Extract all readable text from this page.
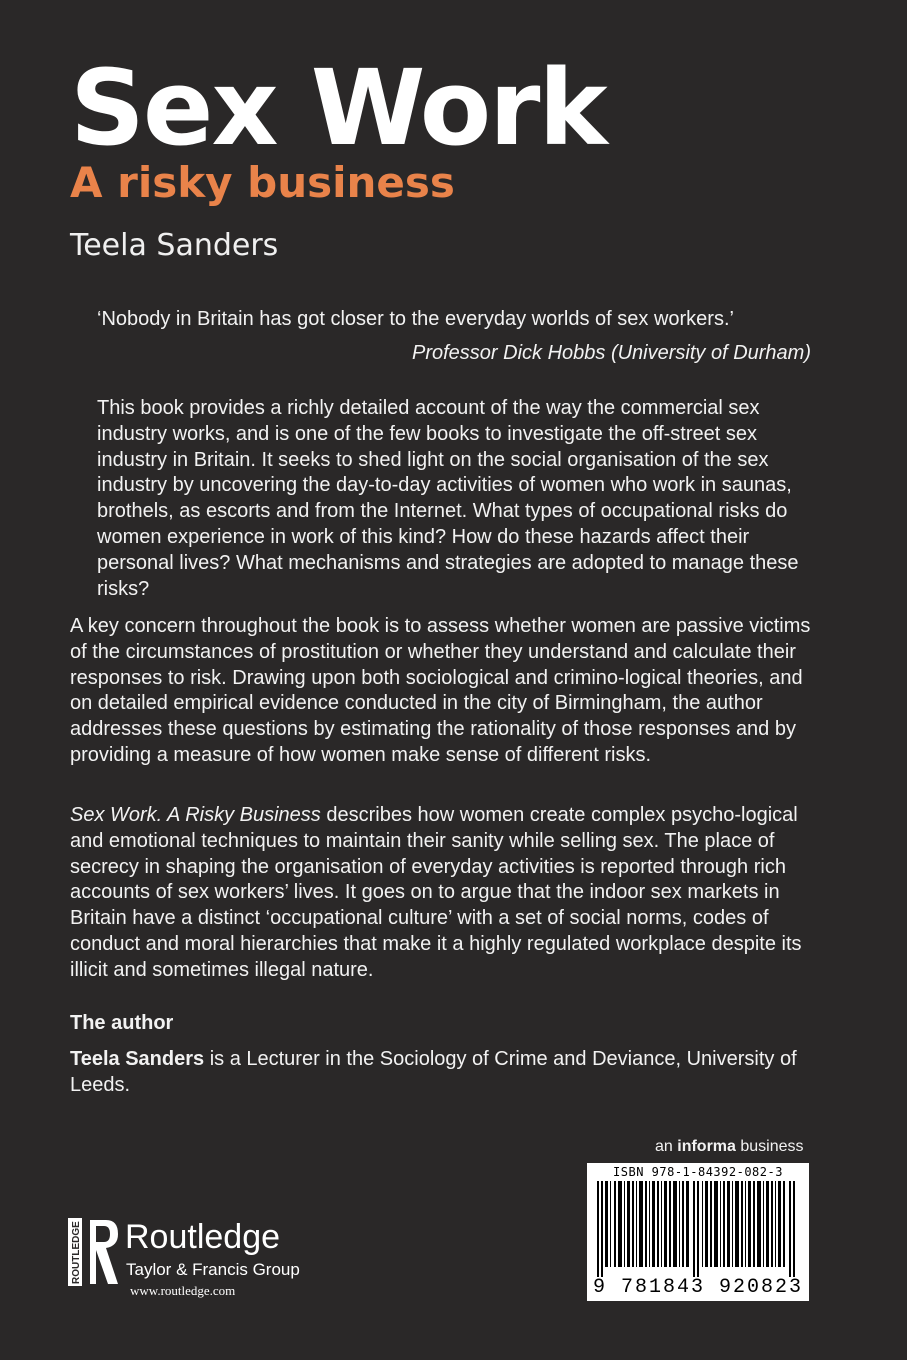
Sex Work
A risky business
Teela Sanders
‘Nobody in Britain has got closer to the everyday worlds of sex workers.’
Professor Dick Hobbs (University of Durham)
This book provides a richly detailed account of the way the commercial sex industry works, and is one of the few books to investigate the off-street sex industry in Britain. It seeks to shed light on the social organisation of the sex industry by uncovering the day-to-day activities of women who work in saunas, brothels, as escorts and from the Internet. What types of occupational risks do women experience in work of this kind? How do these hazards affect their personal lives? What mechanisms and strategies are adopted to manage these risks?
A key concern throughout the book is to assess whether women are passive victims of the circumstances of prostitution or whether they understand and calculate their responses to risk. Drawing upon both sociological and crimino-logical theories, and on detailed empirical evidence conducted in the city of Birmingham, the author addresses these questions by estimating the rationality of those responses and by providing a measure of how women make sense of different risks.
Sex Work. A Risky Business describes how women create complex psycho-logical and emotional techniques to maintain their sanity while selling sex. The place of secrecy in shaping the organisation of everyday activities is reported through rich accounts of sex workers’ lives. It goes on to argue that the indoor sex markets in Britain have a distinct ‘occupational culture’ with a set of social norms, codes of conduct and moral hierarchies that make it a highly regulated workplace despite its illicit and sometimes illegal nature.
The author
Teela Sanders is a Lecturer in the Sociology of Crime and Deviance, University of Leeds.
an informa business
ISBN 978-1-84392-082-3
9 781843 920823
ROUTLEDGE Routledge
Taylor & Francis Group
www.routledge.com
